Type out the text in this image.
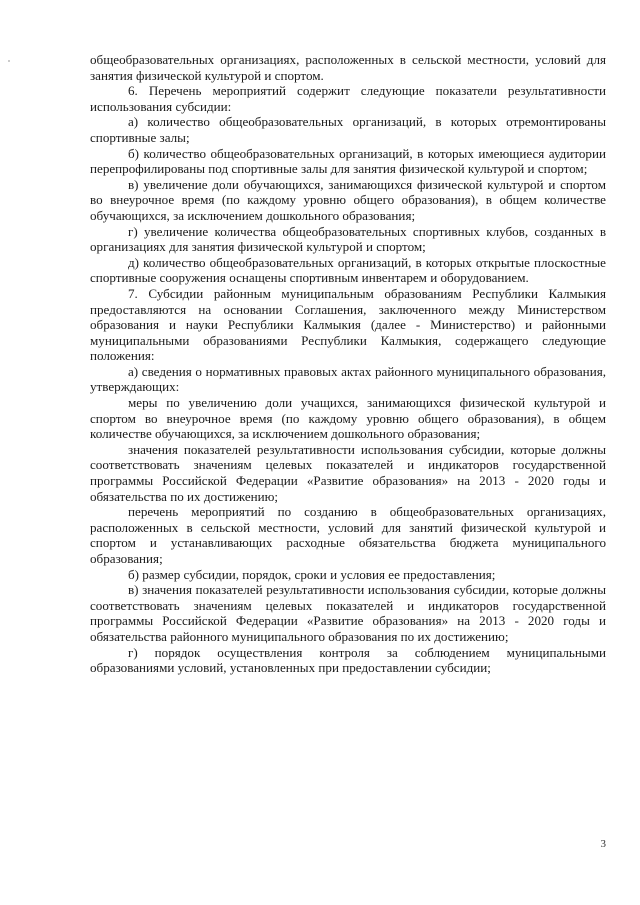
общеобразовательных организациях, расположенных в сельской местности, условий для занятия физической культурой и спортом.

6. Перечень мероприятий содержит следующие показатели результативности использования субсидии:

а) количество общеобразовательных организаций, в которых отремонтированы спортивные залы;

б) количество общеобразовательных организаций, в которых имеющиеся аудитории перепрофилированы под спортивные залы для занятия физической культурой и спортом;

в) увеличение доли обучающихся, занимающихся физической культурой и спортом во внеурочное время (по каждому уровню общего образования), в общем количестве обучающихся, за исключением дошкольного образования;

г) увеличение количества общеобразовательных спортивных клубов, созданных в организациях для занятия физической культурой и спортом;

д) количество общеобразовательных организаций, в которых открытые плоскостные спортивные сооружения оснащены спортивным инвентарем и оборудованием.

7. Субсидии районным муниципальным образованиям Республики Калмыкия предоставляются на основании Соглашения, заключенного между Министерством образования и науки Республики Калмыкия (далее - Министерство) и районными муниципальными образованиями Республики Калмыкия, содержащего следующие положения:

а) сведения о нормативных правовых актах районного муниципального образования, утверждающих:

меры по увеличению доли учащихся, занимающихся физической культурой и спортом во внеурочное время (по каждому уровню общего образования), в общем количестве обучающихся, за исключением дошкольного образования;

значения показателей результативности использования субсидии, которые должны соответствовать значениям целевых показателей и индикаторов государственной программы Российской Федерации «Развитие образования» на 2013 - 2020 годы и обязательства по их достижению;

перечень мероприятий по созданию в общеобразовательных организациях, расположенных в сельской местности, условий для занятий физической культурой и спортом и устанавливающих расходные обязательства бюджета муниципального образования;

б) размер субсидии, порядок, сроки и условия ее предоставления;

в) значения показателей результативности использования субсидии, которые должны соответствовать значениям целевых показателей и индикаторов государственной программы Российской Федерации «Развитие образования» на 2013 - 2020 годы и обязательства районного муниципального образования по их достижению;

г) порядок осуществления контроля за соблюдением муниципальными образованиями условий, установленных при предоставлении субсидии;

3
